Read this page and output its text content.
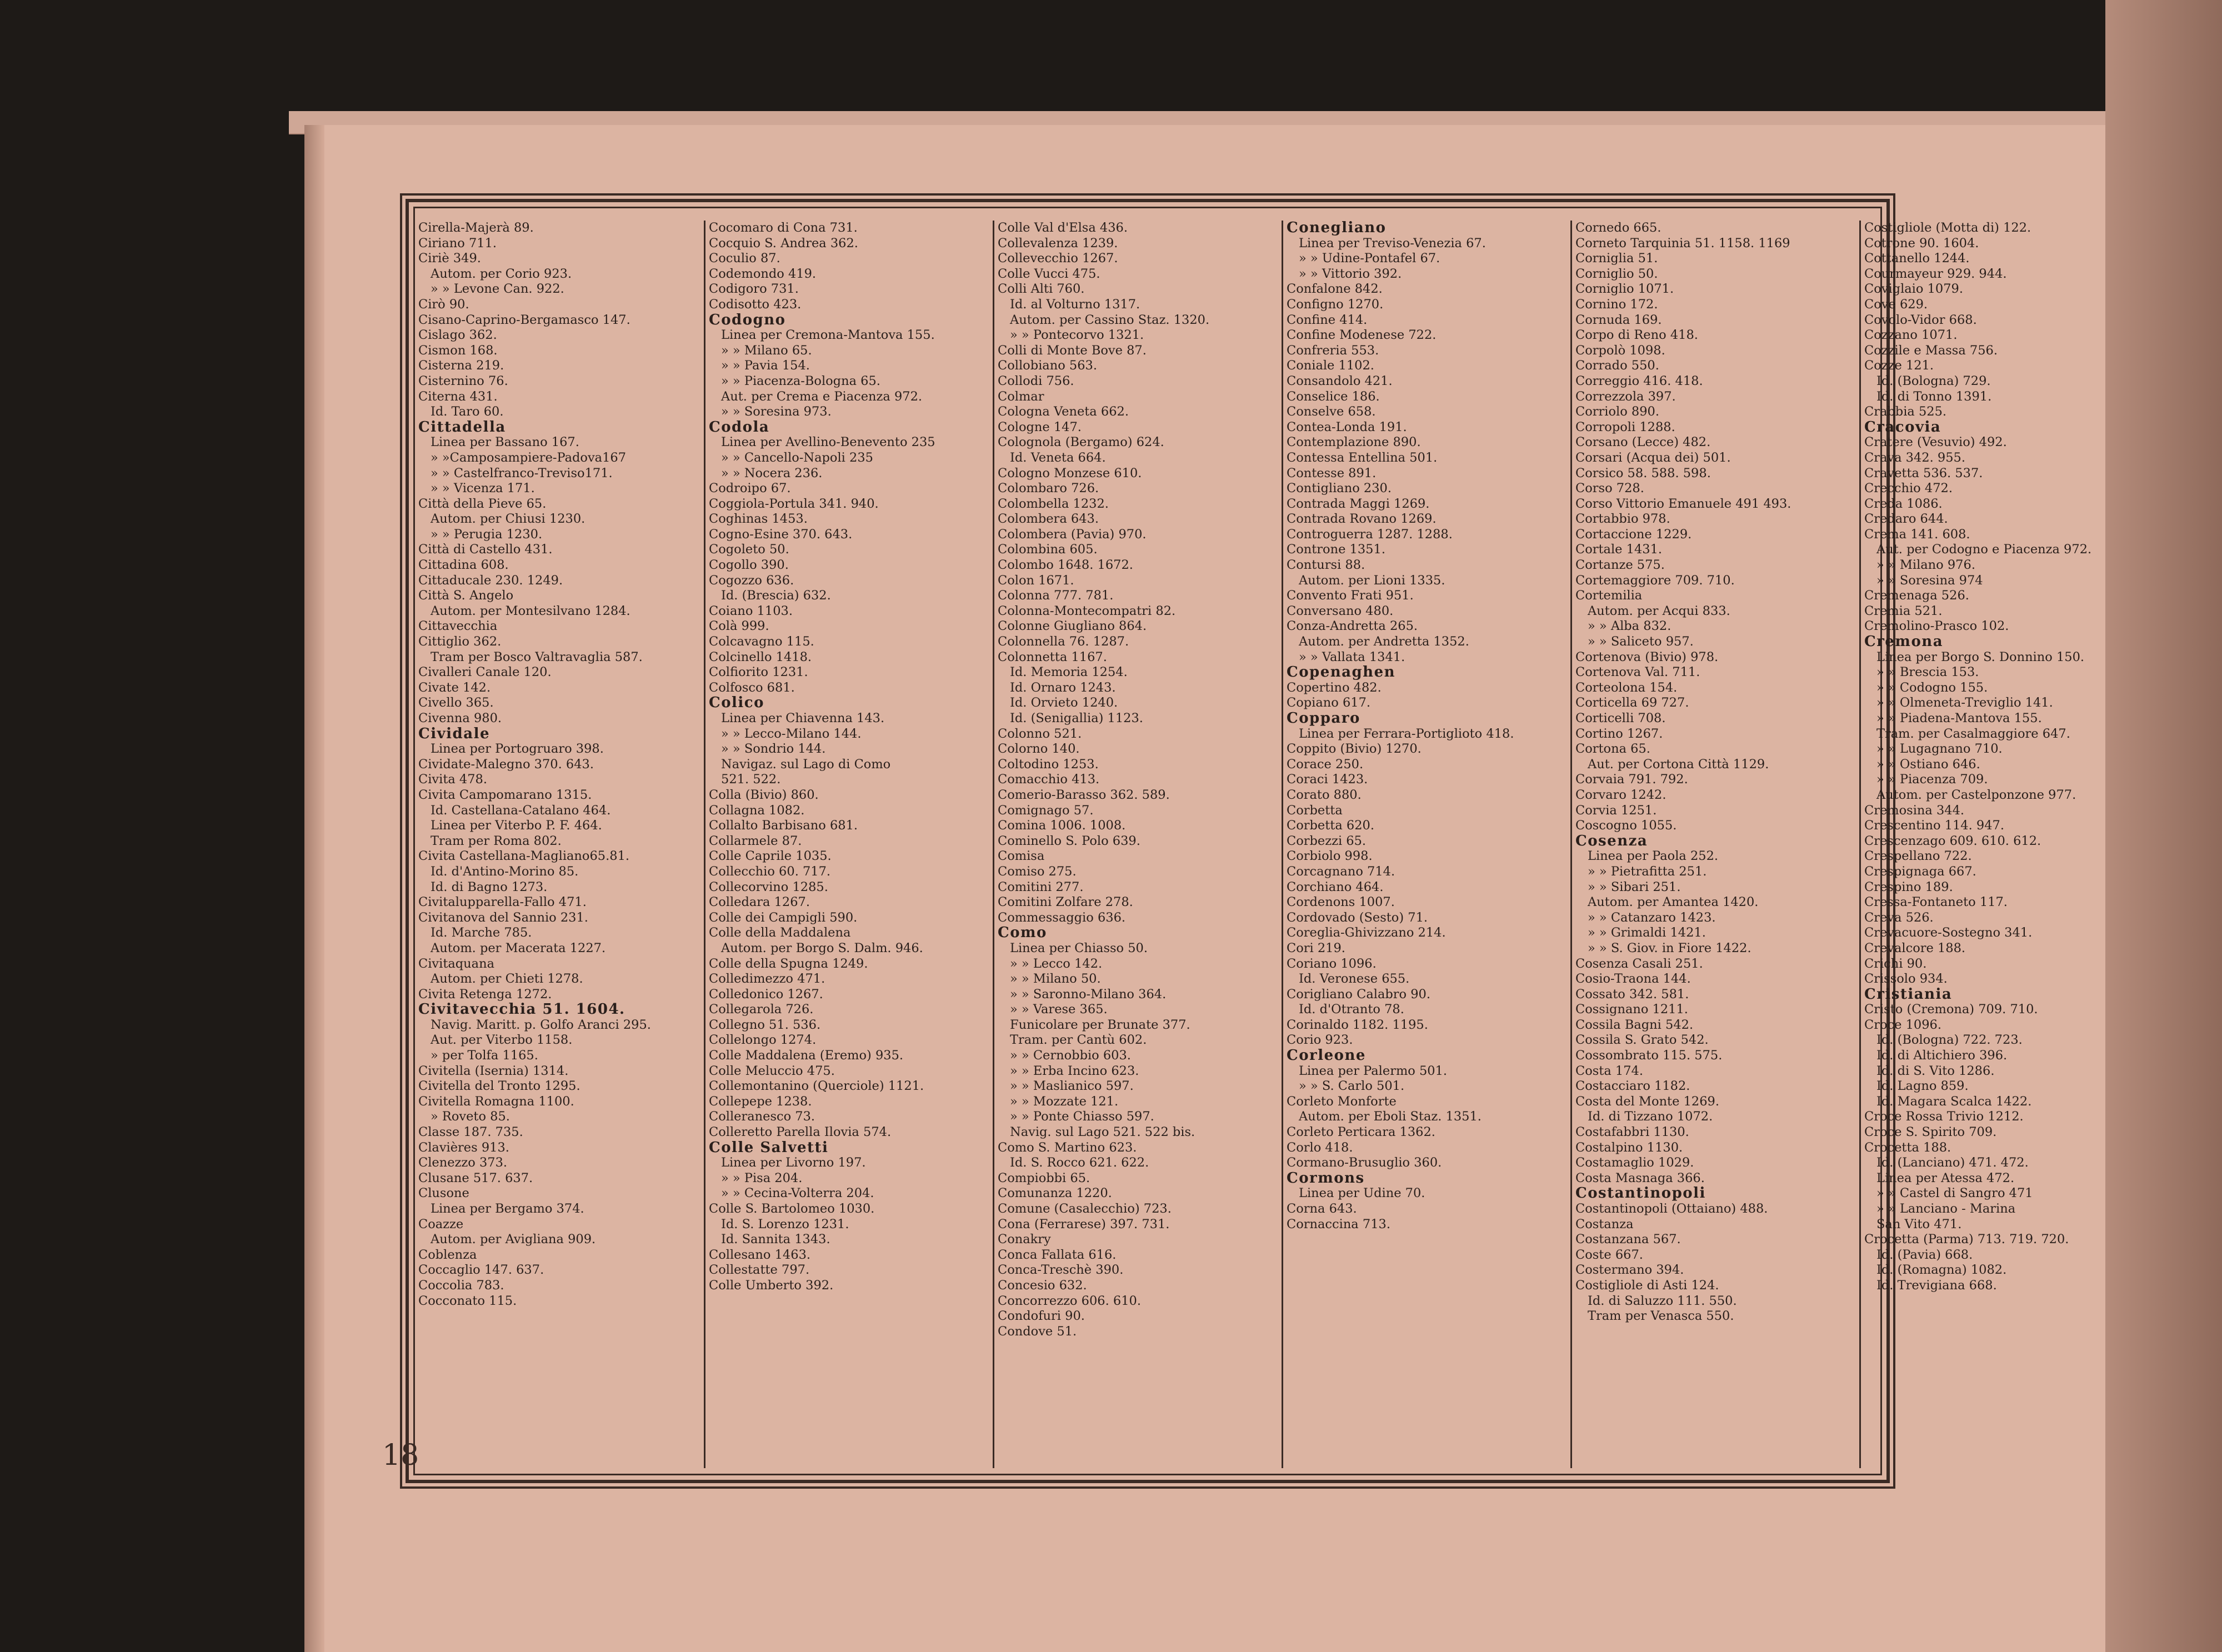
Cirella-Majerà 89.
Ciriano 711.
Ciriè 349.
Autom. per Corio 923.
» » Levone Can. 922.
Cirò 90.
Cisano-Caprino-Bergamasco 147.
Cislago 362.
Cismon 168.
Cisterna 219.
Cisternino 76.
Citerna 431.
Id. Taro 60.
Cittadella
Linea per Bassano 167.
» »Camposampiere-Padova167
» » Castelfranco-Treviso171.
» » Vicenza 171.
Città della Pieve 65.
Autom. per Chiusi 1230.
» » Perugia 1230.
Città di Castello 431.
Cittadina 608.
Cittaducale 230. 1249.
Città S. Angelo
Autom. per Montesilvano 1284.
Cittavecchia
Cittiglio 362.
Tram per Bosco Valtravaglia 587.
Civalleri Canale 120.
Civate 142.
Civello 365.
Civenna 980.
Cividale
Linea per Portogruaro 398.
Cividate-Malegno 370. 643.
Civita 478.
Civita Campomarano 1315.
Id. Castellana-Catalano 464.
Linea per Viterbo P. F. 464.
Tram per Roma 802.
Civita Castellana-Magliano65.81.
Id. d'Antino-Morino 85.
Id. di Bagno 1273.
Civitalupparella-Fallo 471.
Civitanova del Sannio 231.
Id. Marche 785.
Autom. per Macerata 1227.
Civitaquana
Autom. per Chieti 1278.
Civita Retenga 1272.
Civitavecchia 51. 1604.
Navig. Maritt. p. Golfo Aranci 295.
Aut. per Viterbo 1158.
» per Tolfa 1165.
Civitella (Isernia) 1314.
Civitella del Tronto 1295.
Civitella Romagna 1100.
» Roveto 85.
Classe 187. 735.
Clavières 913.
Clenezzo 373.
Clusane 517. 637.
Clusone
Linea per Bergamo 374.
Coazze
Autom. per Avigliana 909.
Coblenza
Coccaglio 147. 637.
Coccolia 783.
Cocconato 115.
Cocomaro di Cona 731.
Cocquio S. Andrea 362.
Coculio 87.
Codemondo 419.
Codigoro 731.
Codisotto 423.
Codogno
Linea per Cremona-Mantova 155.
» » Milano 65.
» » Pavia 154.
» » Piacenza-Bologna 65.
Aut. per Crema e Piacenza 972.
» » Soresina 973.
Codola
Linea per Avellino-Benevento 235
» » Cancello-Napoli 235
» » Nocera 236.
Codroipo 67.
Coggiola-Portula 341. 940.
Coghinas 1453.
Cogno-Esine 370. 643.
Cogoleto 50.
Cogollo 390.
Cogozzo 636.
Id. (Brescia) 632.
Coiano 1103.
Colà 999.
Colcavagno 115.
Colcinello 1418.
Colfiorito 1231.
Colfosco 681.
Colico
Linea per Chiavenna 143.
» » Lecco-Milano 144.
» » Sondrio 144.
Navigaz. sul Lago di Como
521. 522.
Colla (Bivio) 860.
Collagna 1082.
Collalto Barbisano 681.
Collarmele 87.
Colle Caprile 1035.
Collecchio 60. 717.
Collecorvino 1285.
Colledara 1267.
Colle dei Campigli 590.
Colle della Maddalena
Autom. per Borgo S. Dalm. 946.
Colle della Spugna 1249.
Colledimezzo 471.
Colledonico 1267.
Collegarola 726.
Collegno 51. 536.
Collelongo 1274.
Colle Maddalena (Eremo) 935.
Colle Meluccio 475.
Collemontanino (Querciole) 1121.
Collepepe 1238.
Colleranesco 73.
Colleretto Parella Ilovia 574.
Colle Salvetti
Linea per Livorno 197.
» » Pisa 204.
» » Cecina-Volterra 204.
Colle S. Bartolomeo 1030.
Id. S. Lorenzo 1231.
Id. Sannita 1343.
Collesano 1463.
Collestatte 797.
Colle Umberto 392.
Colle Val d'Elsa 436.
Collevalenza 1239.
Collevecchio 1267.
Colle Vucci 475.
Colli Alti 760.
Id. al Volturno 1317.
Autom. per Cassino Staz. 1320.
» » Pontecorvo 1321.
Colli di Monte Bove 87.
Collobiano 563.
Collodi 756.
Colmar
Cologna Veneta 662.
Cologne 147.
Colognola (Bergamo) 624.
Id. Veneta 664.
Cologno Monzese 610.
Colombaro 726.
Colombella 1232.
Colombera 643.
Colombera (Pavia) 970.
Colombina 605.
Colombo 1648. 1672.
Colon 1671.
Colonna 777. 781.
Colonna-Montecompatri 82.
Colonne Giugliano 864.
Colonnella 76. 1287.
Colonnetta 1167.
Id. Memoria 1254.
Id. Ornaro 1243.
Id. Orvieto 1240.
Id. (Senigallia) 1123.
Colonno 521.
Colorno 140.
Coltodino 1253.
Comacchio 413.
Comerio-Barasso 362. 589.
Comignago 57.
Comina 1006. 1008.
Cominello S. Polo 639.
Comisa
Comiso 275.
Comitini 277.
Comitini Zolfare 278.
Commessaggio 636.
Como
Linea per Chiasso 50.
» » Lecco 142.
» » Milano 50.
» » Saronno-Milano 364.
» » Varese 365.
Funicolare per Brunate 377.
Tram. per Cantù 602.
» » Cernobbio 603.
» » Erba Incino 623.
» » Maslianico 597.
» » Mozzate 121.
» » Ponte Chiasso 597.
Navig. sul Lago 521. 522 bis.
Como S. Martino 623.
Id. S. Rocco 621. 622.
Compiobbi 65.
Comunanza 1220.
Comune (Casalecchio) 723.
Cona (Ferrarese) 397. 731.
Conakry
Conca Fallata 616.
Conca-Treschè 390.
Concesio 632.
Concorrezzo 606. 610.
Condofuri 90.
Condove 51.
Conegliano
Linea per Treviso-Venezia 67.
» » Udine-Pontafel 67.
» » Vittorio 392.
Confalone 842.
Configno 1270.
Confine 414.
Confine Modenese 722.
Confreria 553.
Coniale 1102.
Consandolo 421.
Conselice 186.
Conselve 658.
Contea-Londa 191.
Contemplazione 890.
Contessa Entellina 501.
Contesse 891.
Contigliano 230.
Contrada Maggi 1269.
Contrada Rovano 1269.
Controguerra 1287. 1288.
Controne 1351.
Contursi 88.
Autom. per Lioni 1335.
Convento Frati 951.
Conversano 480.
Conza-Andretta 265.
Autom. per Andretta 1352.
» » Vallata 1341.
Copenaghen
Copertino 482.
Copiano 617.
Copparo
Linea per Ferrara-Portiglioto 418.
Coppito (Bivio) 1270.
Corace 250.
Coraci 1423.
Corato 880.
Corbetta
Corbetta 620.
Corbezzi 65.
Corbiolo 998.
Corcagnano 714.
Corchiano 464.
Cordenons 1007.
Cordovado (Sesto) 71.
Coreglia-Ghivizzano 214.
Cori 219.
Coriano 1096.
Id. Veronese 655.
Corigliano Calabro 90.
Id. d'Otranto 78.
Corinaldo 1182. 1195.
Corio 923.
Corleone
Linea per Palermo 501.
» » S. Carlo 501.
Corleto Monforte
Autom. per Eboli Staz. 1351.
Corleto Perticara 1362.
Corlo 418.
Cormano-Brusuglio 360.
Cormons
Linea per Udine 70.
Corna 643.
Cornaccina 713.
Cornedo 665.
Corneto Tarquinia 51. 1158. 1169
Corniglia 51.
Corniglio 50.
Corniglio 1071.
Cornino 172.
Cornuda 169.
Corpo di Reno 418.
Corpolò 1098.
Corrado 550.
Correggio 416. 418.
Correzzola 397.
Corriolo 890.
Corropoli 1288.
Corsano (Lecce) 482.
Corsari (Acqua dei) 501.
Corsico 58. 588. 598.
Corso 728.
Corso Vittorio Emanuele 491 493.
Cortabbio 978.
Cortaccione 1229.
Cortale 1431.
Cortanze 575.
Cortemaggiore 709. 710.
Cortemilia
Autom. per Acqui 833.
» » Alba 832.
» » Saliceto 957.
Cortenova (Bivio) 978.
Cortenova Val. 711.
Corteolona 154.
Corticella 69 727.
Corticelli 708.
Cortino 1267.
Cortona 65.
Aut. per Cortona Città 1129.
Corvaia 791. 792.
Corvaro 1242.
Corvia 1251.
Coscogno 1055.
Cosenza
Linea per Paola 252.
» » Pietrafitta 251.
» » Sibari 251.
Autom. per Amantea 1420.
» » Catanzaro 1423.
» » Grimaldi 1421.
» » S. Giov. in Fiore 1422.
Cosenza Casali 251.
Cosio-Traona 144.
Cossato 342. 581.
Cossignano 1211.
Cossila Bagni 542.
Cossila S. Grato 542.
Cossombrato 115. 575.
Costa 174.
Costacciaro 1182.
Costa del Monte 1269.
Id. di Tizzano 1072.
Costafabbri 1130.
Costalpino 1130.
Costamaglio 1029.
Costa Masnaga 366.
Costantinopoli
Costantinopoli (Ottaiano) 488.
Costanza
Costanzana 567.
Coste 667.
Costermano 394.
Costigliole di Asti 124.
Id. di Saluzzo 111. 550.
Tram per Venasca 550.
Costigliole (Motta di) 122.
Cotrone 90. 1604.
Cottanello 1244.
Courmayeur 929. 944.
Coviglaio 1079.
Cove 629.
Covolo-Vidor 668.
Cozzano 1071.
Cozzile e Massa 756.
Cozze 121.
Id. (Bologna) 729.
Id. di Tonno 1391.
Crabbia 525.
Cracovia
Cratere (Vesuvio) 492.
Crava 342. 955.
Cravetta 536. 537.
Crecchio 472.
Creda 1086.
Credaro 644.
Crema 141. 608.
Aut. per Codogno e Piacenza 972.
» » Milano 976.
» » Soresina 974
Cremenaga 526.
Cremia 521.
Cremolino-Prasco 102.
Cremona
Linea per Borgo S. Donnino 150.
» » Brescia 153.
» » Codogno 155.
» » Olmeneta-Treviglio 141.
» » Piadena-Mantova 155.
Tram. per Casalmaggiore 647.
» » Lugagnano 710.
» » Ostiano 646.
» » Piacenza 709.
Autom. per Castelponzone 977.
Cremosina 344.
Crescentino 114. 947.
Crescenzago 609. 610. 612.
Crespellano 722.
Crespignaga 667.
Crespino 189.
Cressa-Fontaneto 117.
Creva 526.
Crevacuore-Sostegno 341.
Crevalcore 188.
Crichi 90.
Crissolo 934.
Cristiania
Cristo (Cremona) 709. 710.
Croce 1096.
Id. (Bologna) 722. 723.
Id. di Altichiero 396.
Id. di S. Vito 1286.
Id. Lagno 859.
Id. Magara Scalca 1422.
Croce Rossa Trivio 1212.
Croce S. Spirito 709.
Crocetta 188.
Id. (Lanciano) 471. 472.
Linea per Atessa 472.
» » Castel di Sangro 471
» » Lanciano - Marina
San Vito 471.
Crocetta (Parma) 713. 719. 720.
Id. (Pavia) 668.
Id. (Romagna) 1082.
Id. Trevigiana 668.
18
